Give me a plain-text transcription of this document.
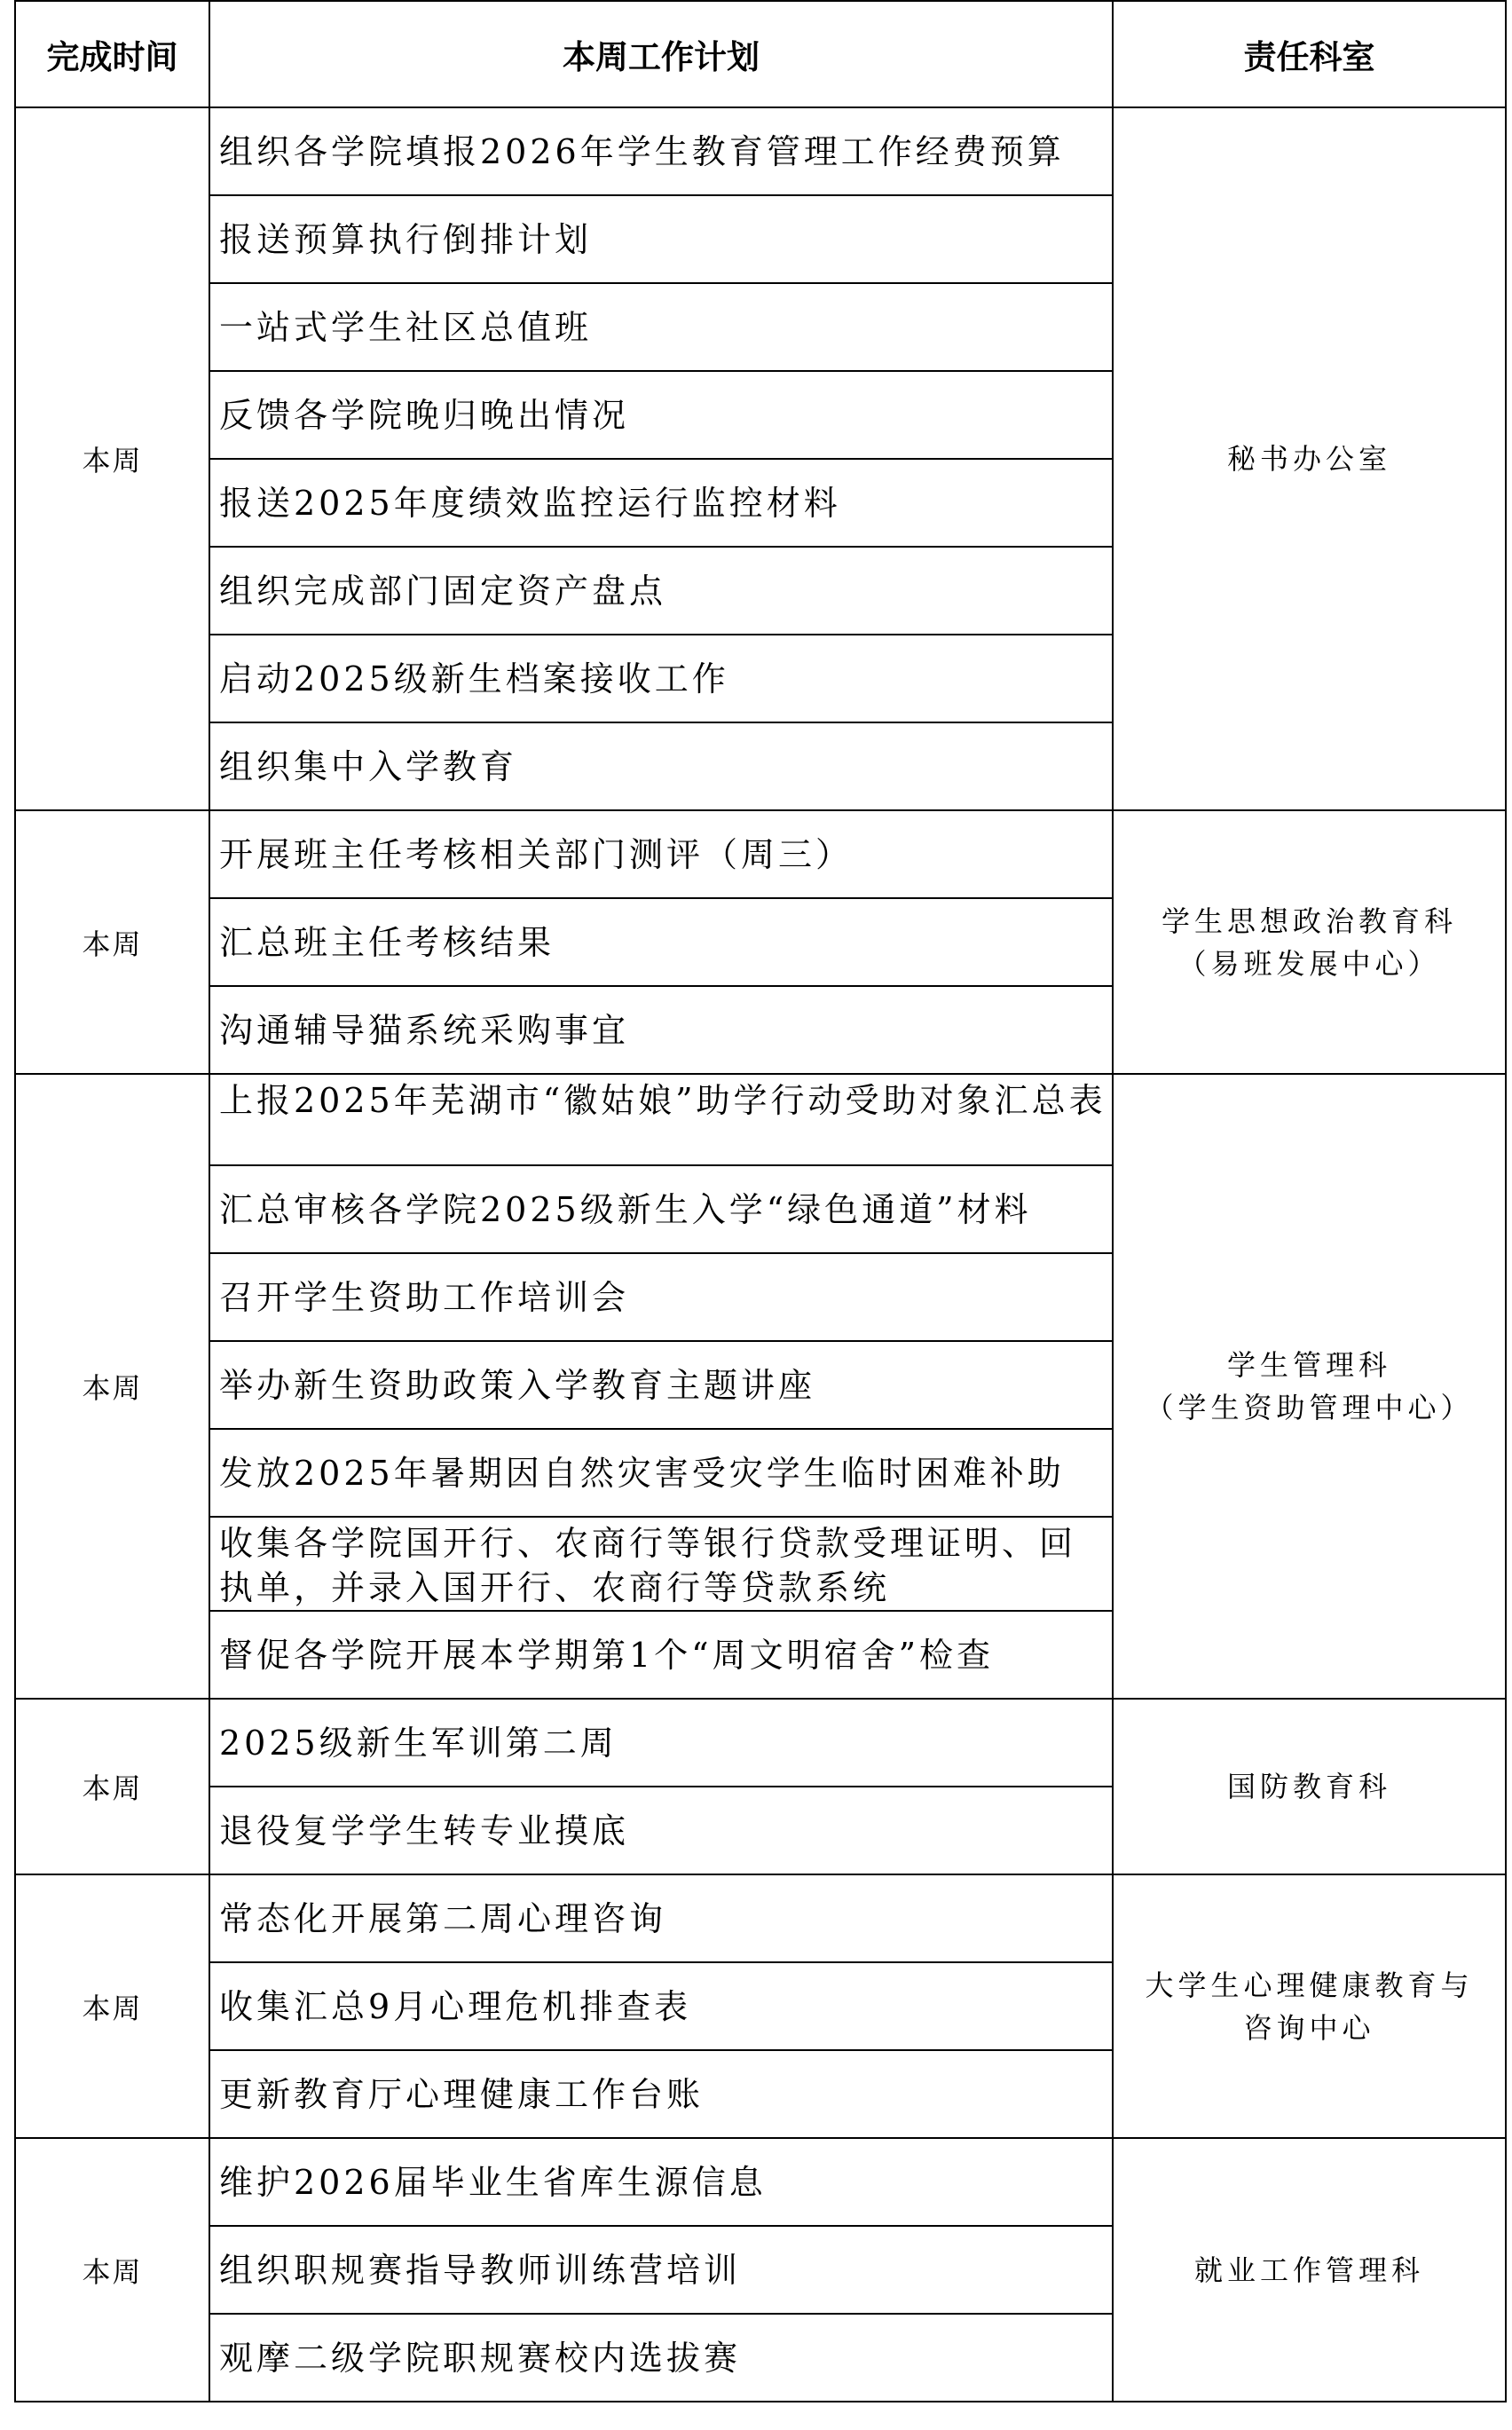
完成时间	本周工作计划	责任科室
本周	组织各学院填报2026年学生教育管理工作经费预算	秘书办公室

	报送预算执行倒排计划	
	一站式学生社区总值班	
	反馈各学院晚归晚出情况	
	报送2025年度绩效监控运行监控材料	
	组织完成部门固定资产盘点	
	启动2025级新生档案接收工作	
	组织集中入学教育	
本周	开展班主任考核相关部门测评（周三）	学生思想政治教育科
（易班发展中心）

	汇总班主任考核结果	
	沟通辅导猫系统采购事宜	
本周	上报2025年芜湖市“徽姑娘”助学行动受助对象汇总表	学生管理科
（学生资助管理中心）

	汇总审核各学院2025级新生入学“绿色通道”材料	
	召开学生资助工作培训会	
	举办新生资助政策入学教育主题讲座	
	发放2025年暑期因自然灾害受灾学生临时困难补助	
	收集各学院国开行、农商行等银行贷款受理证明、回执单，并录入国开行、农商行等贷款系统	
	督促各学院开展本学期第1个“周文明宿舍”检查	
本周	2025级新生军训第二周	国防教育科

	退役复学学生转专业摸底	
本周	常态化开展第二周心理咨询	大学生心理健康教育与
咨询中心

	收集汇总9月心理危机排查表	
	更新教育厅心理健康工作台账	
本周	维护2026届毕业生省库生源信息	就业工作管理科

	组织职规赛指导教师训练营培训	
	观摩二级学院职规赛校内选拔赛	
